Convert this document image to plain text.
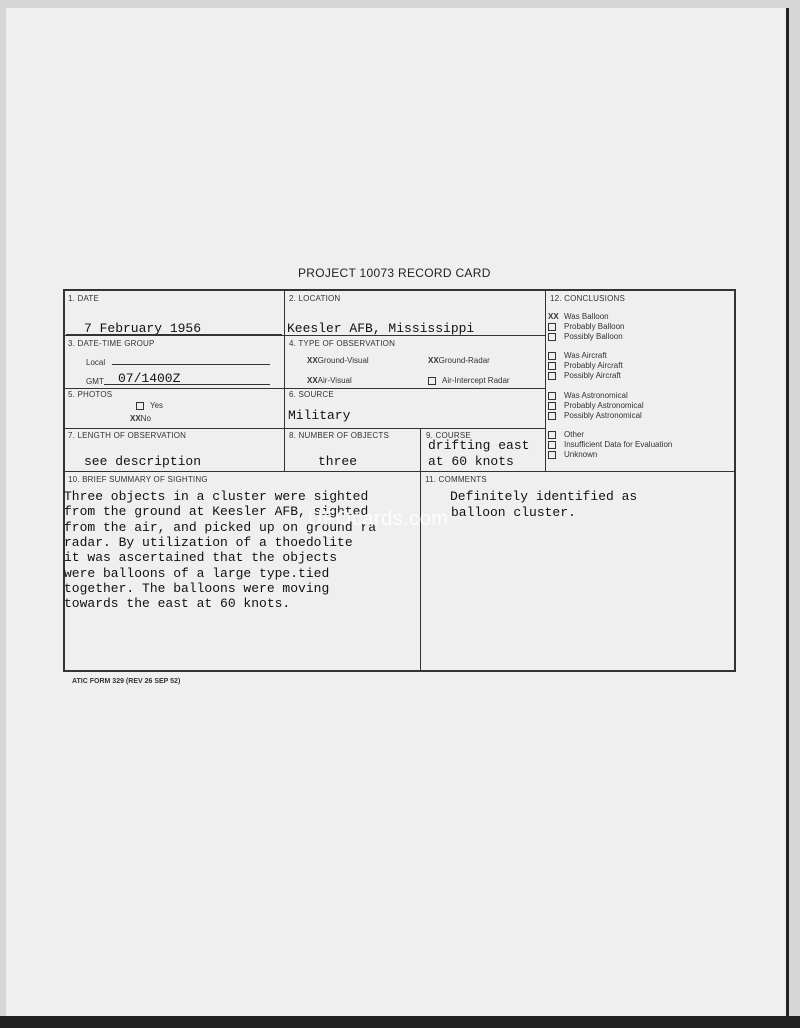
PROJECT 10073 RECORD CARD
1. DATE
7 February 1956
2. LOCATION
Keesler AFB, Mississippi
3. DATE-TIME GROUP
Local
GMT 07/1400Z
4. TYPE OF OBSERVATION
XXGround-Visual	XXGround-Radar
XXAir-Visual	Air-Intercept Radar
5. PHOTOS
Yes
XXNo
6. SOURCE
Military
7. LENGTH OF OBSERVATION
see description
8. NUMBER OF OBJECTS
three
9. COURSE
drifting east
at 60 knots
12. CONCLUSIONS
XX Was Balloon
Probably Balloon
Possibly Balloon
Was Aircraft
Probably Aircraft
Possibly Aircraft
Was Astronomical
Probably Astronomical
Possibly Astronomical
Other
Insufficient Data for Evaluation
Unknown
10. BRIEF SUMMARY OF SIGHTING
Three objects in a cluster were sighted
from the ground at Keesler AFB, sighted
from the air, and picked up on ground ra
radar. By utilization of a thoedolite
it was ascertained that the objects
were balloons of a large type.tied
together. The balloons were moving
towards the east at 60 knots.
11. COMMENTS
Definitely identified as
balloon cluster.
UFOcards.com
ATIC FORM 329 (REV 26 SEP 52)
